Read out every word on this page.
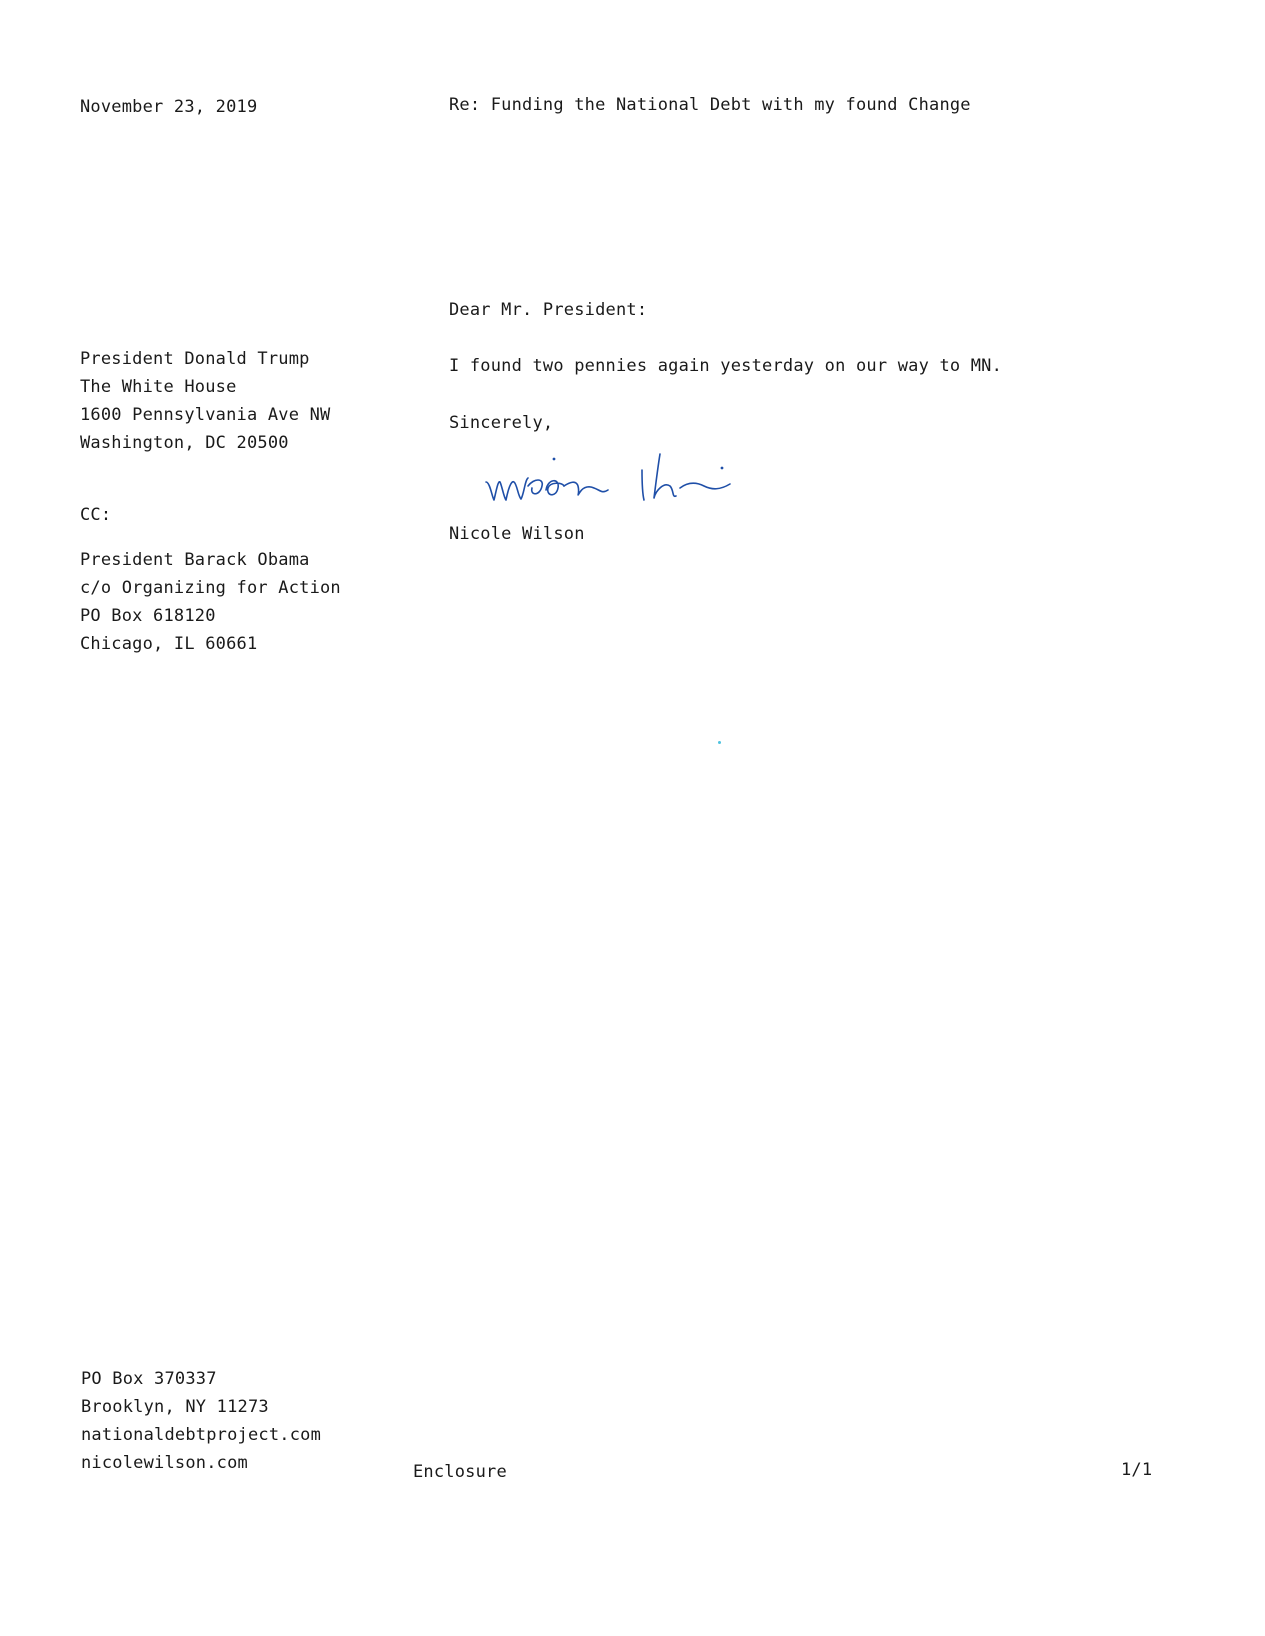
November 23, 2019	Re: Funding the National Debt with my found Change
Dear Mr. President:
I found two pennies again yesterday on our way to MN.
Sincerely,
Nicole Wilson
President Donald Trump
The White House
1600 Pennsylvania Ave NW
Washington, DC 20500
CC:
President Barack Obama
c/o Organizing for Action
PO Box 618120
Chicago, IL 60661
PO Box 370337
Brooklyn, NY 11273
nationaldebtproject.com
nicolewilson.com	Enclosure	1/1
